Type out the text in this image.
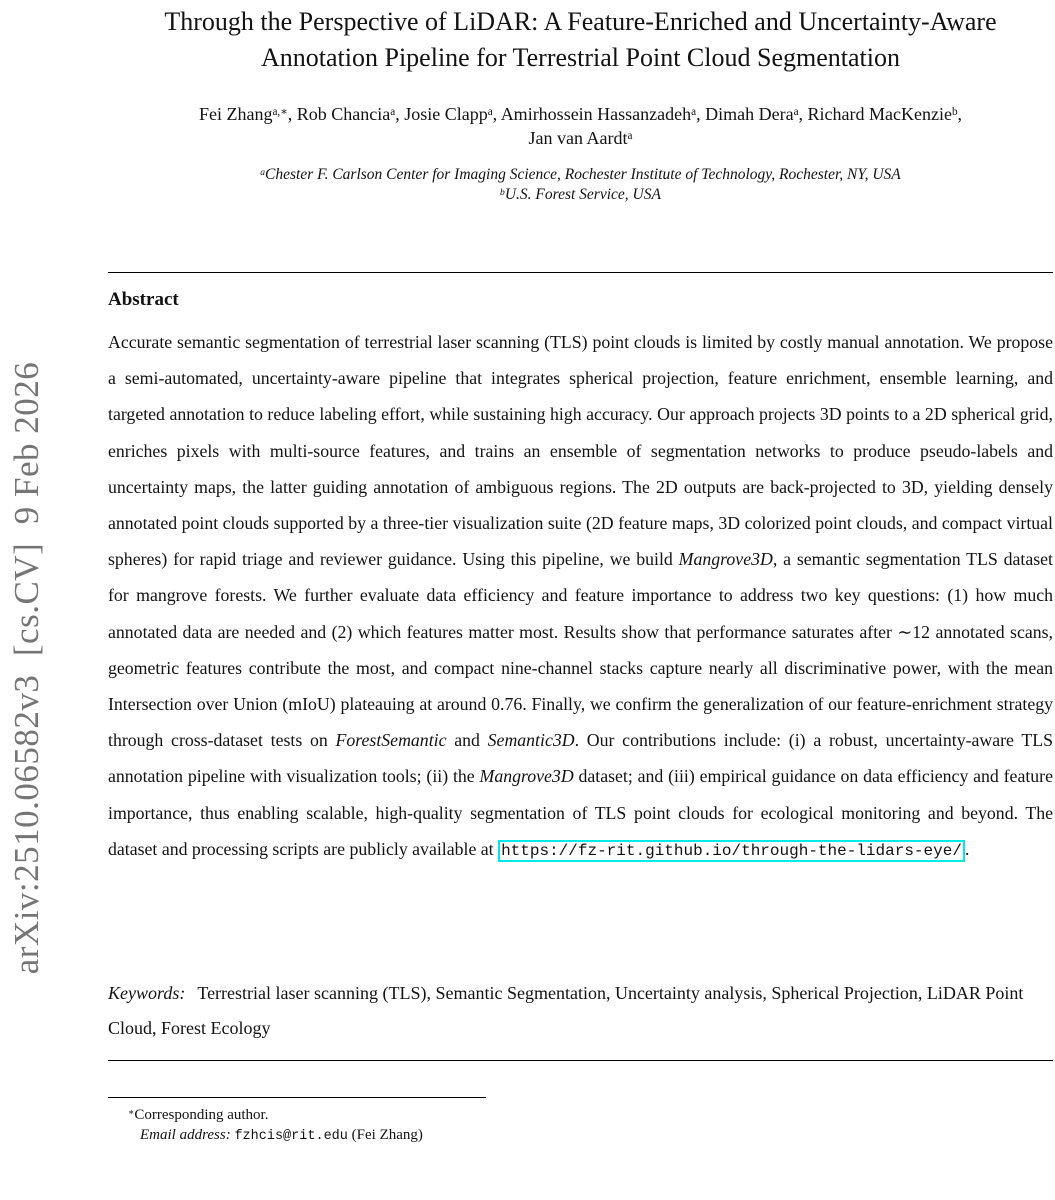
arXiv:2510.06582v3  [cs.CV]  9 Feb 2026
Through the Perspective of LiDAR: A Feature-Enriched and Uncertainty-Aware Annotation Pipeline for Terrestrial Point Cloud Segmentation
Fei Zhang$^{a,∗}$, Rob Chancia$^a$, Josie Clapp$^a$, Amirhossein Hassanzadeh$^a$, Dimah Dera$^a$, Richard MacKenzie$^b$,
Jan van Aardt$^a$
$^a$Chester F. Carlson Center for Imaging Science, Rochester Institute of Technology, Rochester, NY, USA
$^b$U.S. Forest Service, USA
Abstract

Accurate semantic segmentation of terrestrial laser scanning (TLS) point clouds is limited by costly manual annotation. We propose a semi-automated, uncertainty-aware pipeline that integrates spherical projection, feature enrichment, ensemble learning, and targeted annotation to reduce labeling effort, while sustaining high accuracy. Our approach projects 3D points to a 2D spherical grid, enriches pixels with multi-source features, and trains an ensemble of segmentation networks to produce pseudo-labels and uncertainty maps, the latter guiding annotation of ambiguous regions. The 2D outputs are back-projected to 3D, yielding densely annotated point clouds supported by a three-tier visualization suite (2D feature maps, 3D colorized point clouds, and compact virtual spheres) for rapid triage and reviewer guidance. Using this pipeline, we build Mangrove3D, a semantic segmentation TLS dataset for mangrove forests. We further evaluate data efficiency and feature importance to address two key questions: (1) how much annotated data are needed and (2) which features matter most. Results show that performance saturates after ∼12 annotated scans, geometric features contribute the most, and compact nine-channel stacks capture nearly all discriminative power, with the mean Intersection over Union (mIoU) plateauing at around 0.76. Finally, we confirm the generalization of our feature-enrichment strategy through cross-dataset tests on ForestSemantic and Semantic3D. Our contributions include: (i) a robust, uncertainty-aware TLS annotation pipeline with visualization tools; (ii) the Mangrove3D dataset; and (iii) empirical guidance on data efficiency and feature importance, thus enabling scalable, high-quality segmentation of TLS point clouds for ecological monitoring and beyond. The dataset and processing scripts are publicly available at https://fz-rit.github.io/through-the-lidars-eye/ .

Keywords: Terrestrial laser scanning (TLS), Semantic Segmentation, Uncertainty analysis, Spherical Projection, LiDAR Point Cloud, Forest Ecology

∗Corresponding author.
Email address: fzhcis@rit.edu (Fei Zhang)
